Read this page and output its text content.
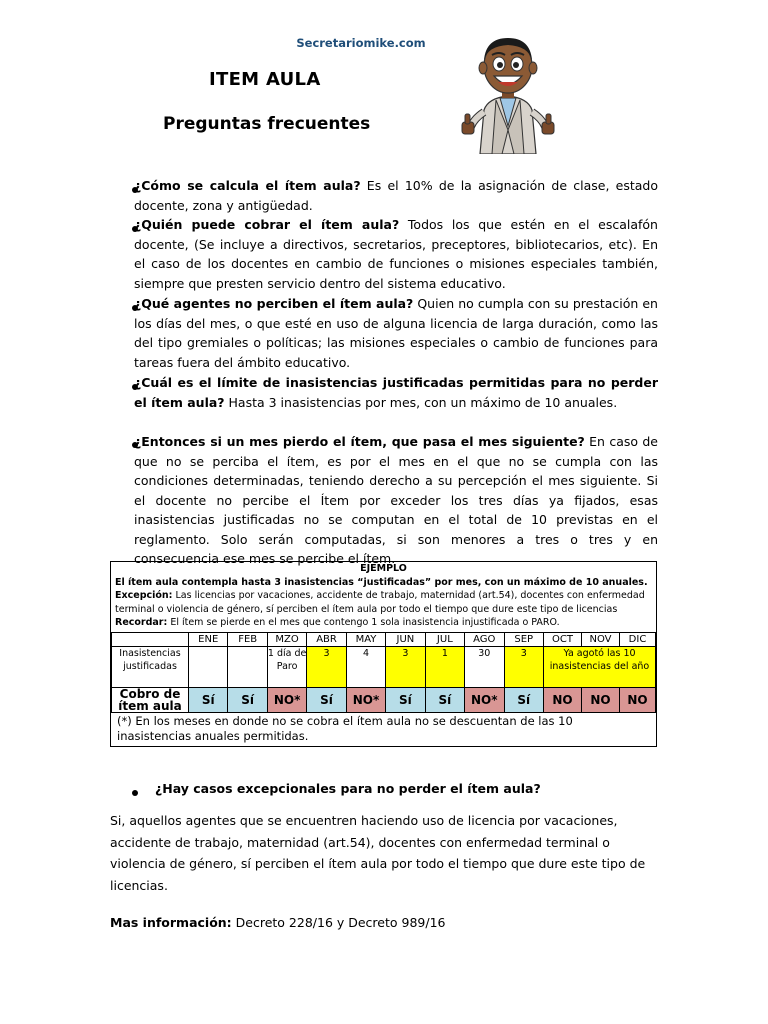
Secretariomike.com
ITEM AULA
Preguntas frecuentes

¿Cómo se calcula el ítem aula? Es el 10% de la asignación de clase, estado docente, zona y antigüedad.

¿Quién puede cobrar el ítem aula? Todos los que estén en el escalafón docente, (Se incluye a directivos, secretarios, preceptores, bibliotecarios, etc). En el caso de los docentes en cambio de funciones o misiones especiales también, siempre que presten servicio dentro del sistema educativo.

¿Qué agentes no perciben el ítem aula? Quien no cumpla con su prestación en los días del mes, o que esté en uso de alguna licencia de larga duración, como las del tipo gremiales o políticas; las misiones especiales o cambio de funciones para tareas fuera del ámbito educativo.

¿Cuál es el límite de inasistencias justificadas permitidas para no perder el ítem aula? Hasta 3 inasistencias por mes, con un máximo de 10 anuales.

¿Entonces si un mes pierdo el ítem, que pasa el mes siguiente? En caso de que no se perciba el ítem, es por el mes en el que no se cumpla con las condiciones determinadas, teniendo derecho a su percepción el mes siguiente. Si el docente no percibe el Ítem por exceder los tres días ya fijados, esas inasistencias justificadas no se computan en el total de 10 previstas en el reglamento. Solo serán computadas, si son menores a tres o tres y en consecuencia ese mes se percibe el ítem.

EJEMPLO
El ítem aula contempla hasta 3 inasistencias “justificadas” por mes, con un máximo de 10 anuales.
Excepción: Las licencias por vacaciones, accidente de trabajo, maternidad (art.54), docentes con enfermedad terminal o violencia de género, sí perciben el ítem aula por todo el tiempo que dure este tipo de licencias
Recordar: El ítem se pierde en el mes que contengo 1 sola inasistencia injustificada o PARO.
	ENE	FEB	MZO	ABR	MAY	JUN	JUL	AGO	SEP	OCT	NOV	DIC
Inasistencias justificadas			1 día de Paro	3	4	3	1	30	3	Ya agotó las 10 inasistencias del año		
Cobro de ítem aula	Sí	Sí	NO*	Sí	NO*	Sí	Sí	NO*	Sí	NO	NO	NO
(*) En los meses en donde no se cobra el ítem aula no se descuentan de las 10 inasistencias anuales permitidas.
¿Hay casos excepcionales para no perder el ítem aula?

Si, aquellos agentes que se encuentren haciendo uso de licencia por vacaciones, accidente de trabajo, maternidad (art.54), docentes con enfermedad terminal o violencia de género, sí perciben el ítem aula por todo el tiempo que dure este tipo de licencias.

Mas información: Decreto 228/16 y Decreto 989/16
